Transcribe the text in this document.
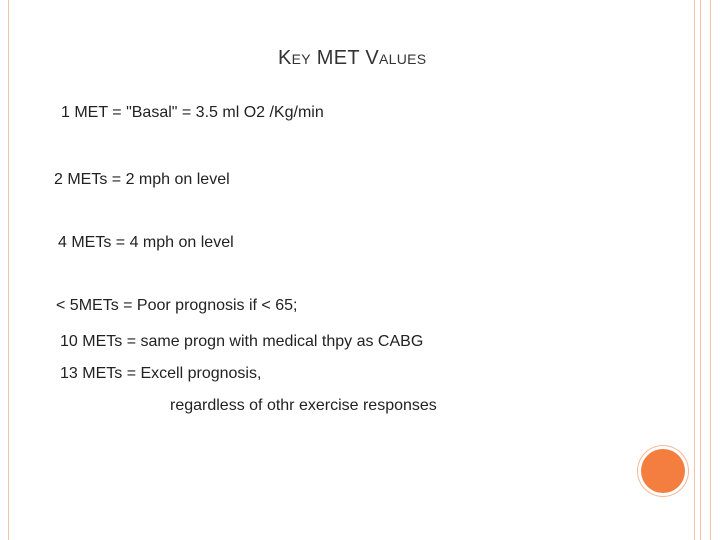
Key MET Values
1 MET = "Basal" = 3.5 ml O2 /Kg/min
2 METs = 2 mph on level
4 METs = 4 mph on level
< 5METs = Poor prognosis if < 65;
10 METs = same progn with medical thpy as CABG
13 METs = Excell prognosis,
regardless of othr exercise responses
